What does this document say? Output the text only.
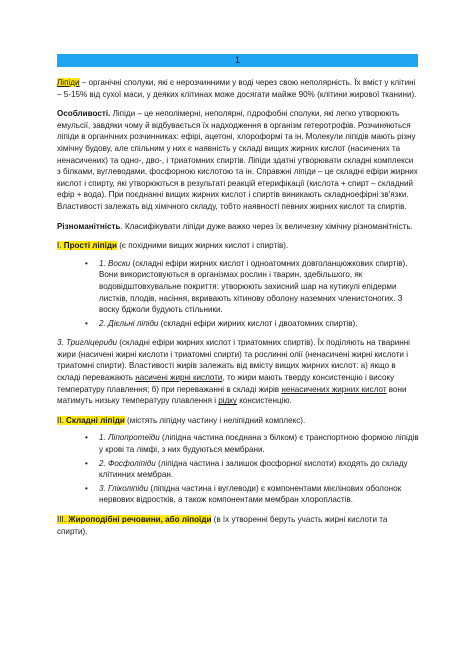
1

Ліпіди – органічні сполуки, які є нерозчинними у воді через свою неполярність. Їх вміст у клітині – 5-15% від сухої маси, у деяких клітинах може досягати майже 90% (клітини жирової тканини).

Особливості. Ліпіди – це неполімерні, неполярні, гідрофобні сполуки, які легко утворюють емульсії, завдяки чому й відбувається їх надходження в організм гетеротрофів. Розчиняються ліпіди в органічних розчинниках: ефірі, ацетоні, хлороформі та ін. Молекули ліпідів мають різну хімічну будову, але спільним у них є наявність у складі вищих жирних кислот (насичених та ненасичених) та одно-, дво-, і триатомних спиртів. Ліпіди здатні утворювати складні комплекси з білками, вуглеводами, фосфорною кислотою та ін. Справжні ліпіди – це складні ефіри жирних кислот і спирту, які утворюються в результаті реакцій етерифікації (кислота + спирт – складний ефір + вода). При поєднанні вищих жирних кислот і спиртів виникають складноефірні зв'язки. Властивості залежать від хімічного складу, тобто наявності певних жирних кислот та спиртів.

Різноманітність. Класифікувати ліпіди дуже важко через їх величезну хімічну різноманітність.

І. Прості ліпіди (є похідними вищих жирних кислот і спиртів).

• 1. Воски (складні ефіри жирних кислот і одноатомних довголанцюжкових спиртів). Вони використовуються в організмах рослин і тварин, здебільшого, як водовідштовхувальне покриття: утворюють захисний шар на кутикулі епідерми листків, плодів, насіння, вкривають хітинову оболону наземних членистоногих. З воску бджоли будують стільники.
• 2. Дієльні ліпіди (складні ефіри жирних кислот і двоатомних спиртів).

3. Тригліцериди (складні ефіри жирних кислот і триатомних спиртів). Їх поділяють на тваринні жири (насичені жирні кислоти і триатомні спирти) та рослинні олії (ненасичені жирні кислоти і триатомні спирти). Властивості жирів залежать від вмісту вищих жирних кислот: а) якщо в складі переважають насичені жирні кислоти, то жири мають тверду консистенцію і високу температуру плавлення; б) при переважанні в складі жирів ненасичених жирних кислот вони матимуть низьку температуру плавлення і рідку консистенцію.

ІІ. Складні ліпіди (містять ліпідну частину і неліпідний комплекс).

• 1. Ліпопротеїди (ліпідна частина поєднана з білком) є транспортною формою ліпідів у крові та лімфі, з них будуються мембрани.
• 2. Фосфоліпіди (ліпідна частина і залишок фосфорної кислоти) входять до складу клітинних мембран.
• 3. Гліколіпіди (ліпідна частина і вуглеводи) є компонентами мієлінових оболонок нервових відростків, а також компонентами мембран хлоропластів.

ІІІ. Жироподібні речовини, або ліпоїди (в їх утворенні беруть участь жирні кислоти та спирти).
